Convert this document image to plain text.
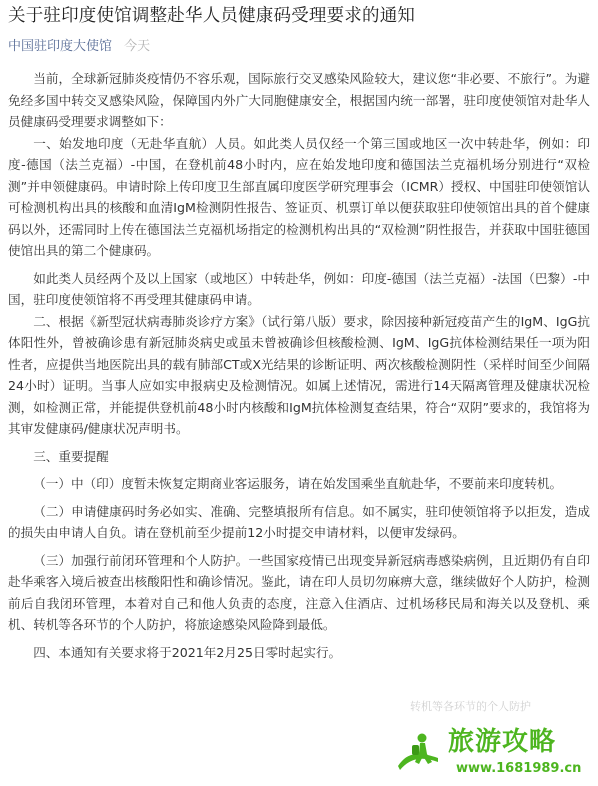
关于驻印度使馆调整赴华人员健康码受理要求的通知
中国驻印度大使馆 今天

当前，全球新冠肺炎疫情仍不容乐观，国际旅行交叉感染风险较大，建议您“非必要、不旅行”。为避免经多国中转交叉感染风险，保障国内外广大同胞健康安全，根据国内统一部署，驻印度使领馆对赴华人员健康码受理要求调整如下：

一、始发地印度（无赴华直航）人员。如此类人员仅经一个第三国或地区一次中转赴华，例如：印度-德国（法兰克福）-中国，在登机前48小时内，应在始发地印度和德国法兰克福机场分别进行“双检测”并申领健康码。申请时除上传印度卫生部直属印度医学研究理事会（ICMR）授权、中国驻印使领馆认可检测机构出具的核酸和血清IgM检测阴性报告、签证页、机票订单以便获取驻印使领馆出具的首个健康码以外，还需同时上传在德国法兰克福机场指定的检测机构出具的“双检测”阴性报告，并获取中国驻德国使馆出具的第二个健康码。

如此类人员经两个及以上国家（或地区）中转赴华，例如：印度-德国（法兰克福）-法国（巴黎）-中国，驻印度使领馆将不再受理其健康码申请。

二、根据《新型冠状病毒肺炎诊疗方案》（试行第八版）要求，除因接种新冠疫苗产生的IgM、IgG抗体阳性外，曾被确诊患有新冠肺炎病史或虽未曾被确诊但核酸检测、IgM、IgG抗体检测结果任一项为阳性者，应提供当地医院出具的载有肺部CT或X光结果的诊断证明、两次核酸检测阴性（采样时间至少间隔24小时）证明。当事人应如实申报病史及检测情况。如属上述情况，需进行14天隔离管理及健康状况检测，如检测正常，并能提供登机前48小时内核酸和IgM抗体检测复查结果，符合“双阴”要求的，我馆将为其审发健康码/健康状况声明书。

三、重要提醒

（一）中（印）度暂未恢复定期商业客运服务，请在始发国乘坐直航赴华，不要前来印度转机。

（二）申请健康码时务必如实、准确、完整填报所有信息。如不属实，驻印使领馆将予以拒发，造成的损失由申请人自负。请在登机前至少提前12小时提交申请材料，以便审发绿码。

（三）加强行前闭环管理和个人防护。一些国家疫情已出现变异新冠病毒感染病例，且近期仍有自印赴华乘客入境后被查出核酸阳性和确诊情况。鉴此，请在印人员切勿麻痹大意，继续做好个人防护，检测前后自我闭环管理，本着对自己和他人负责的态度，注意入住酒店、过机场移民局和海关以及登机、乘机、转机等各环节的个人防护，将旅途感染风险降到最低。

四、本通知有关要求将于2021年2月25日零时起实行。

转机等各环节的个人防护
旅游攻略
www.1681989.cn
